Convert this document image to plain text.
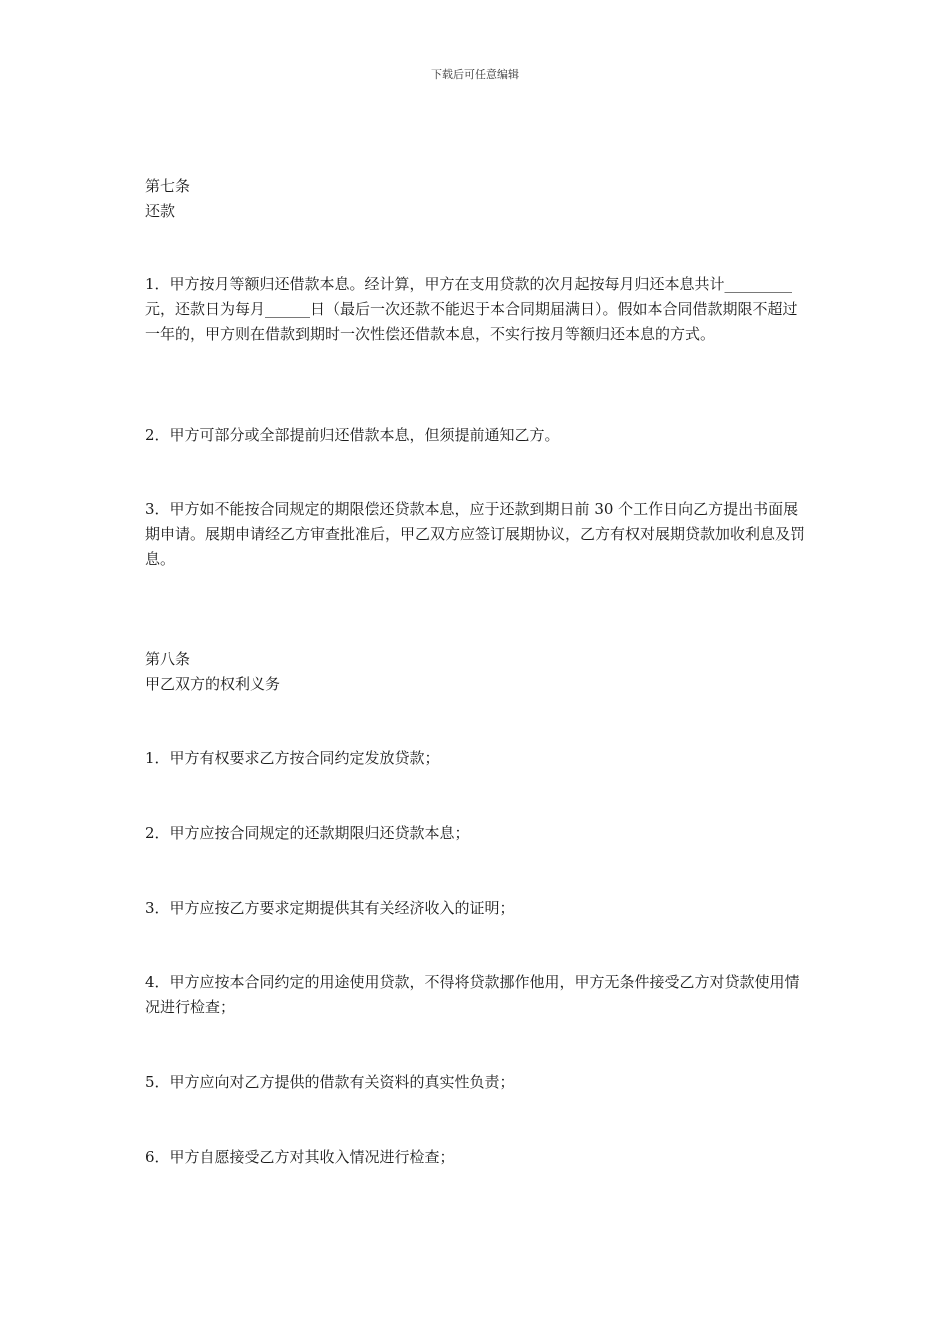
下载后可任意编辑
第七条
还款

1．甲方按月等额归还借款本息。经计算，甲方在支用贷款的次月起按每月归还本息共计_________元，还款日为每月______日（最后一次还款不能迟于本合同期届满日）。假如本合同借款期限不超过一年的，甲方则在借款到期时一次性偿还借款本息，不实行按月等额归还本息的方式。

2．甲方可部分或全部提前归还借款本息，但须提前通知乙方。

3．甲方如不能按合同规定的期限偿还贷款本息，应于还款到期日前 30 个工作日向乙方提出书面展期申请。展期申请经乙方审查批准后，甲乙双方应签订展期协议，乙方有权对展期贷款加收利息及罚息。

第八条
甲乙双方的权利义务

1．甲方有权要求乙方按合同约定发放贷款；

2．甲方应按合同规定的还款期限归还贷款本息；

3．甲方应按乙方要求定期提供其有关经济收入的证明；

4．甲方应按本合同约定的用途使用贷款，不得将贷款挪作他用，甲方无条件接受乙方对贷款使用情况进行检查；

5．甲方应向对乙方提供的借款有关资料的真实性负责；

6．甲方自愿接受乙方对其收入情况进行检查；
